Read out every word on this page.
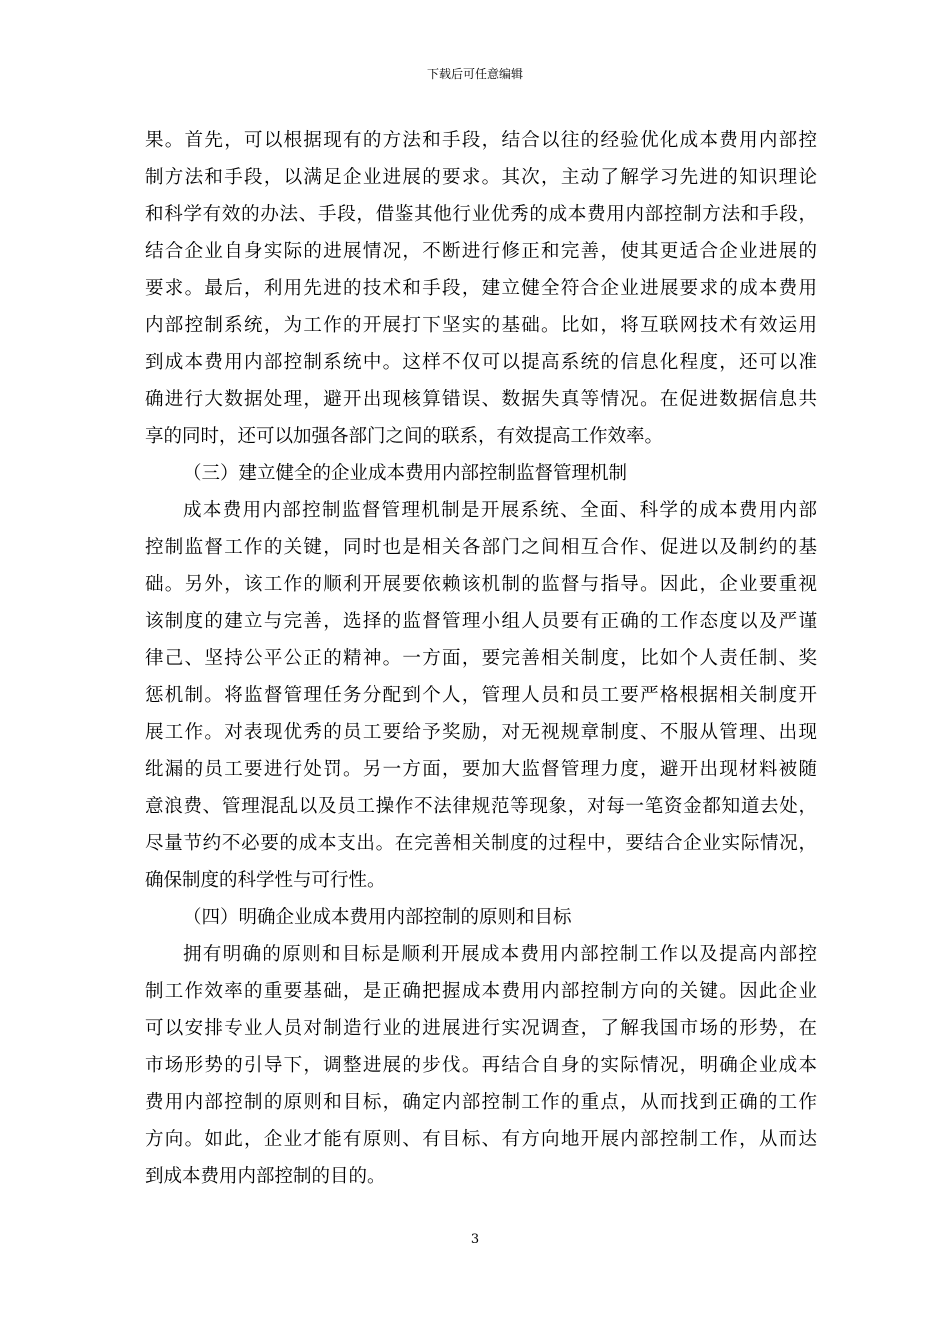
下载后可任意编辑
果。首先，可以根据现有的方法和手段，结合以往的经验优化成本费用内部控
制方法和手段，以满足企业进展的要求。其次，主动了解学习先进的知识理论
和科学有效的办法、手段，借鉴其他行业优秀的成本费用内部控制方法和手段，
结合企业自身实际的进展情况，不断进行修正和完善，使其更适合企业进展的
要求。最后，利用先进的技术和手段，建立健全符合企业进展要求的成本费用
内部控制系统，为工作的开展打下坚实的基础。比如，将互联网技术有效运用
到成本费用内部控制系统中。这样不仅可以提高系统的信息化程度，还可以准
确进行大数据处理，避开出现核算错误、数据失真等情况。在促进数据信息共
享的同时，还可以加强各部门之间的联系，有效提高工作效率。
（三）建立健全的企业成本费用内部控制监督管理机制
成本费用内部控制监督管理机制是开展系统、全面、科学的成本费用内部
控制监督工作的关键，同时也是相关各部门之间相互合作、促进以及制约的基
础。另外，该工作的顺利开展要依赖该机制的监督与指导。因此，企业要重视
该制度的建立与完善，选择的监督管理小组人员要有正确的工作态度以及严谨
律己、坚持公平公正的精神。一方面，要完善相关制度，比如个人责任制、奖
惩机制。将监督管理任务分配到个人，管理人员和员工要严格根据相关制度开
展工作。对表现优秀的员工要给予奖励，对无视规章制度、不服从管理、出现
纰漏的员工要进行处罚。另一方面，要加大监督管理力度，避开出现材料被随
意浪费、管理混乱以及员工操作不法律规范等现象，对每一笔资金都知道去处，
尽量节约不必要的成本支出。在完善相关制度的过程中，要结合企业实际情况，
确保制度的科学性与可行性。
（四）明确企业成本费用内部控制的原则和目标
拥有明确的原则和目标是顺利开展成本费用内部控制工作以及提高内部控
制工作效率的重要基础，是正确把握成本费用内部控制方向的关键。因此企业
可以安排专业人员对制造行业的进展进行实况调查，了解我国市场的形势，在
市场形势的引导下，调整进展的步伐。再结合自身的实际情况，明确企业成本
费用内部控制的原则和目标，确定内部控制工作的重点，从而找到正确的工作
方向。如此，企业才能有原则、有目标、有方向地开展内部控制工作，从而达
到成本费用内部控制的目的。
3
